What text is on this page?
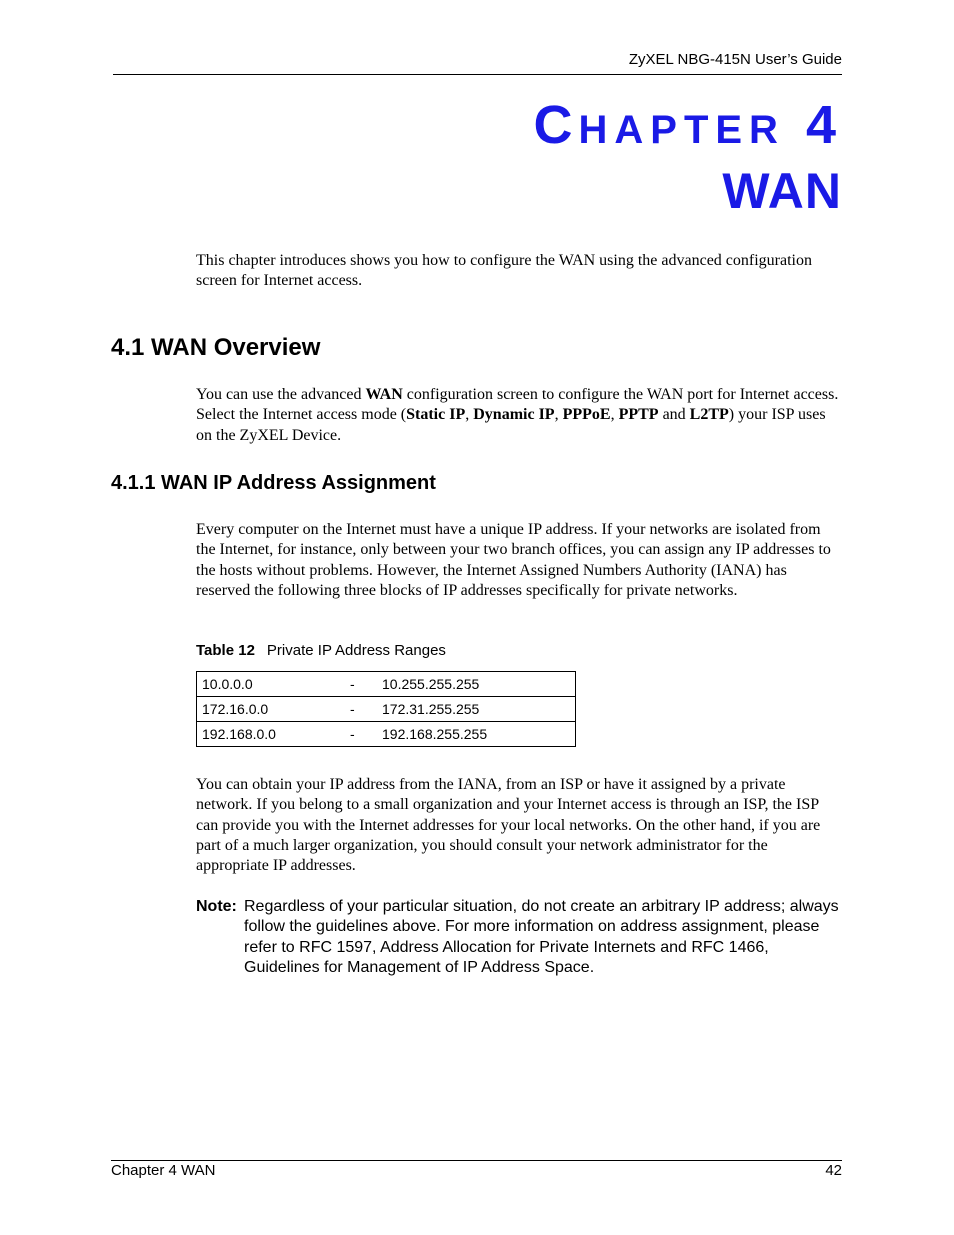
ZyXEL NBG-415N User’s Guide
CHAPTER 4
WAN
This chapter introduces shows you how to configure the WAN using the advanced configuration screen for Internet access.
4.1 WAN Overview
You can use the advanced WAN configuration screen to configure the WAN port for Internet access. Select the Internet access mode (Static IP, Dynamic IP, PPPoE, PPTP and L2TP) your ISP uses on the ZyXEL Device.
4.1.1 WAN IP Address Assignment
Every computer on the Internet must have a unique IP address. If your networks are isolated from the Internet, for instance, only between your two branch offices, you can assign any IP addresses to the hosts without problems. However, the Internet Assigned Numbers Authority (IANA) has reserved the following three blocks of IP addresses specifically for private networks.
Table 12 Private IP Address Ranges
10.0.0.0	-	10.255.255.255
172.16.0.0	-	172.31.255.255
192.168.0.0	-	192.168.255.255
You can obtain your IP address from the IANA, from an ISP or have it assigned by a private network. If you belong to a small organization and your Internet access is through an ISP, the ISP can provide you with the Internet addresses for your local networks. On the other hand, if you are part of a much larger organization, you should consult your network administrator for the appropriate IP addresses.
Note: Regardless of your particular situation, do not create an arbitrary IP address; always follow the guidelines above. For more information on address assignment, please refer to RFC 1597, Address Allocation for Private Internets and RFC 1466, Guidelines for Management of IP Address Space.
Chapter 4 WAN	42
